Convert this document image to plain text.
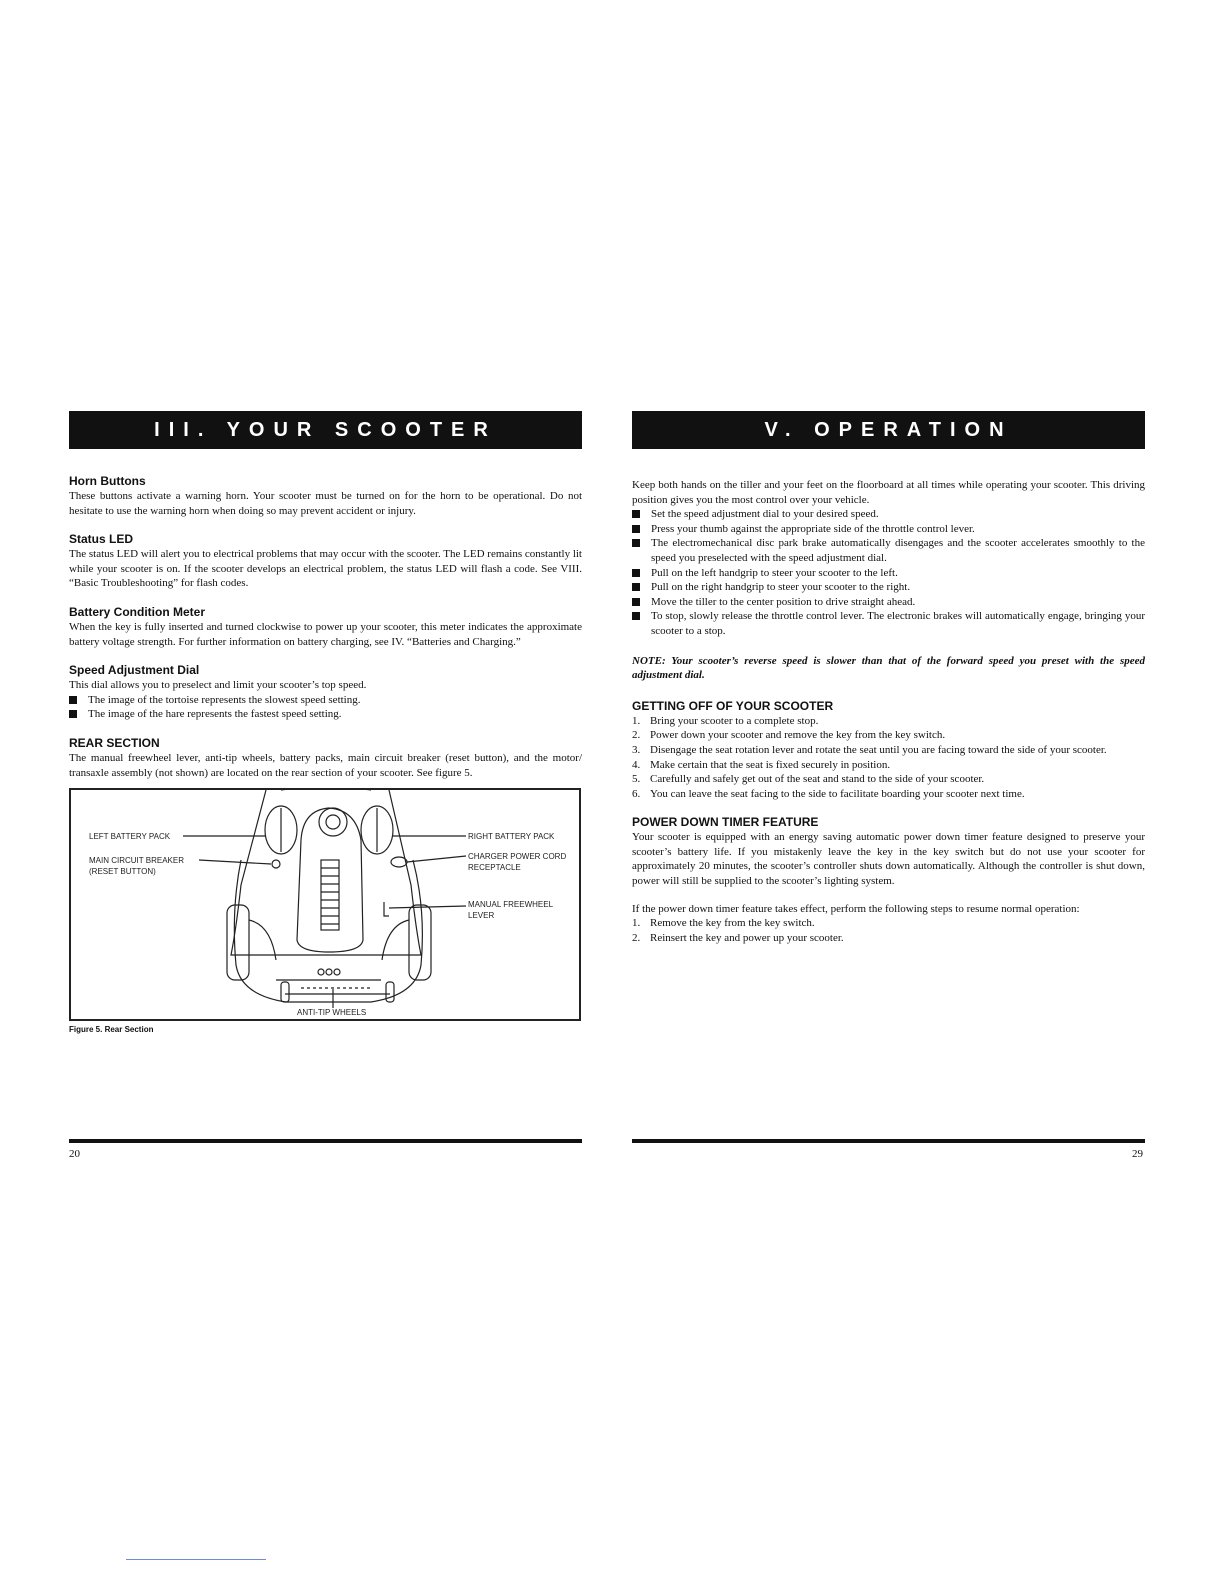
III. YOUR SCOOTER
Horn Buttons

These buttons activate a warning horn. Your scooter must be turned on for the horn to be operational. Do not hesitate to use the warning horn when doing so may prevent accident or injury.

Status LED

The status LED will alert you to electrical problems that may occur with the scooter. The LED remains constantly lit while your scooter is on. If the scooter develops an electrical problem, the status LED will flash a code. See VIII. “Basic Troubleshooting” for flash codes.

Battery Condition Meter

When the key is fully inserted and turned clockwise to power up your scooter, this meter indicates the approximate battery voltage strength. For further information on battery charging, see IV. “Batteries and Charging.”

Speed Adjustment Dial

This dial allows you to preselect and limit your scooter’s top speed.

The image of the tortoise represents the slowest speed setting.
The image of the hare represents the fastest speed setting.
REAR SECTION

The manual freewheel lever, anti-tip wheels, battery packs, main circuit breaker (reset button), and the motor/ transaxle assembly (not shown) are located on the rear section of your scooter. See figure 5.

LEFT BATTERY PACK
MAIN CIRCUIT BREAKER
(RESET BUTTON)
RIGHT BATTERY PACK
CHARGER POWER CORD
RECEPTACLE
MANUAL FREEWHEEL
LEVER
ANTI-TIP WHEELS
Figure 5. Rear Section
V. OPERATION

Keep both hands on the tiller and your feet on the floorboard at all times while operating your scooter. This driving position gives you the most control over your vehicle.

Set the speed adjustment dial to your desired speed.
Press your thumb against the appropriate side of the throttle control lever.
The electromechanical disc park brake automatically disengages and the scooter accelerates smoothly to the speed you preselected with the speed adjustment dial.
Pull on the left handgrip to steer your scooter to the left.
Pull on the right handgrip to steer your scooter to the right.
Move the tiller to the center position to drive straight ahead.
To stop, slowly release the throttle control lever. The electronic brakes will automatically engage, bringing your scooter to a stop.
NOTE: Your scooter’s reverse speed is slower than that of the forward speed you preset with the speed adjustment dial.
GETTING OFF OF YOUR SCOOTER
1. Bring your scooter to a complete stop.
2. Power down your scooter and remove the key from the key switch.
3. Disengage the seat rotation lever and rotate the seat until you are facing toward the side of your scooter.
4. Make certain that the seat is fixed securely in position.
5. Carefully and safely get out of the seat and stand to the side of your scooter.
6. You can leave the seat facing to the side to facilitate boarding your scooter next time.
POWER DOWN TIMER FEATURE

Your scooter is equipped with an energy saving automatic power down timer feature designed to preserve your scooter’s battery life. If you mistakenly leave the key in the key switch but do not use your scooter for approximately 20 minutes, the scooter’s controller shuts down automatically. Although the controller is shut down, power will still be supplied to the scooter’s lighting system.

If the power down timer feature takes effect, perform the following steps to resume normal operation:

1. Remove the key from the key switch.
2. Reinsert the key and power up your scooter.
20	29
